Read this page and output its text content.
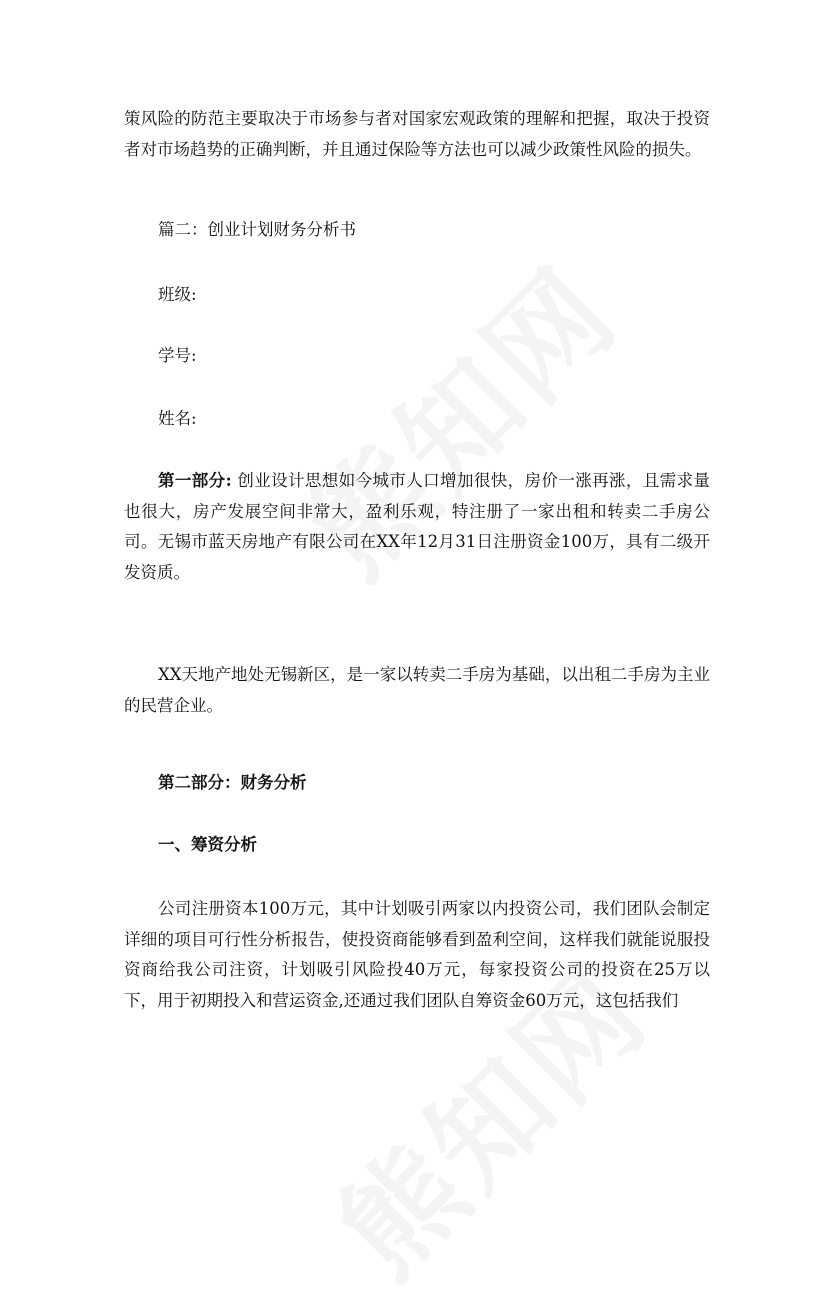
策风险的防范主要取决于市场参与者对国家宏观政策的理解和把握，取决于投资者对市场趋势的正确判断，并且通过保险等方法也可以减少政策性风险的损失。

篇二：创业计划财务分析书

班级:

学号:

姓名:

第一部分: 创业设计思想如今城市人口增加很快，房价一涨再涨，且需求量也很大，房产发展空间非常大，盈利乐观，特注册了一家出租和转卖二手房公司。无锡市蓝天房地产有限公司在XX年12月31日注册资金100万，具有二级开发资质。

XX天地产地处无锡新区，是一家以转卖二手房为基础，以出租二手房为主业的民营企业。

第二部分：财务分析

一、筹资分析

公司注册资本100万元，其中计划吸引两家以内投资公司，我们团队会制定详细的项目可行性分析报告，使投资商能够看到盈利空间，这样我们就能说服投资商给我公司注资，计划吸引风险投40万元，每家投资公司的投资在25万以下，用于初期投入和营运资金,还通过我们团队自筹资金60万元，这包括我们
